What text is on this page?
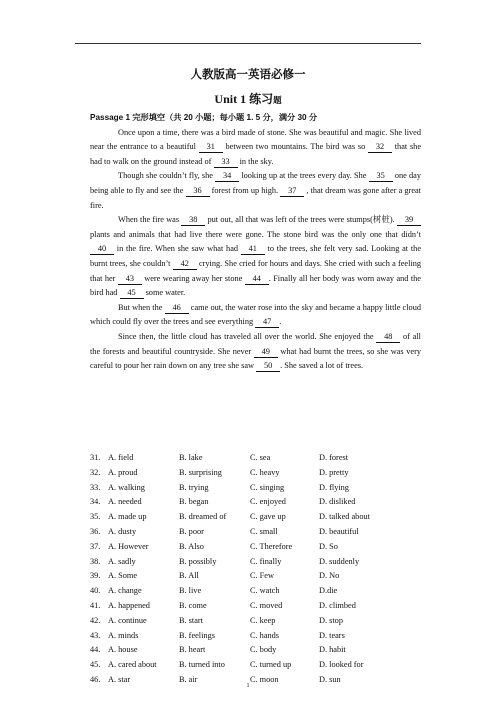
人教版高一英语必修一
Unit 1 练习题

Passage 1 完形填空（共 20 小题；每小题 1. 5 分，满分 30 分

Once upon a time, there was a bird made of stone. She was beautiful and magic. She lived near the entrance to a beautiful 31 between two mountains. The bird was so 32 that she had to walk on the ground instead of 33 in the sky.

Though she couldn’t fly, she 34 looking up at the trees every day. She 35 one day being able to fly and see the 36 forest from up high. 37 , that dream was gone after a great fire.

When the fire was 38 put out, all that was left of the trees were stumps(树桩). 39 plants and animals that had live there were gone. The stone bird was the only one that didn’t 40 in the fire. When she saw what had 41 to the trees, she felt very sad. Looking at the burnt trees, she couldn’t 42 crying. She cried for hours and days. She cried with such a feeling that her 43 were wearing away her stone 44 . Finally all her body was worn away and the bird had 45 some water.

But when the 46 came out, the water rose into the sky and became a happy little cloud which could fly over the trees and see everything 47 .

Since then, the little cloud has traveled all over the world. She enjoyed the 48 of all the forests and beautiful countryside. She never 49 what had burnt the trees, so she was very careful to pour her rain down on any tree she saw 50 . She saved a lot of trees.

31. A. field	B. lake	C. sea	D. forest
32. A. proud	B. surprising	C. heavy	D. pretty
33. A. walking	B. trying	C. singing	D. flying
34. A. needed	B. began	C. enjoyed	D. disliked
35. A. made up	B. dreamed of	C. gave up	D. talked about
36. A. dusty	B. poor	C. small	D. beautiful
37. A. However	B. Also	C. Therefore	D. So
38. A. sadly	B. possibly	C. finally	D. suddenly
39. A. Some	B. All	C. Few	D. No
40. A. change	B. live	C. watch	D.die
41. A. happened	B. come	C. moved	D. climbed
42. A. continue	B. start	C. keep	D. stop
43. A. minds	B. feelings	C. hands	D. tears
44. A. house	B. heart	C. body	D. habit
45. A. cared about	B. turned into	C. turned up	D. looked for
46. A. star	B. air	C. moon	D. sun
1
